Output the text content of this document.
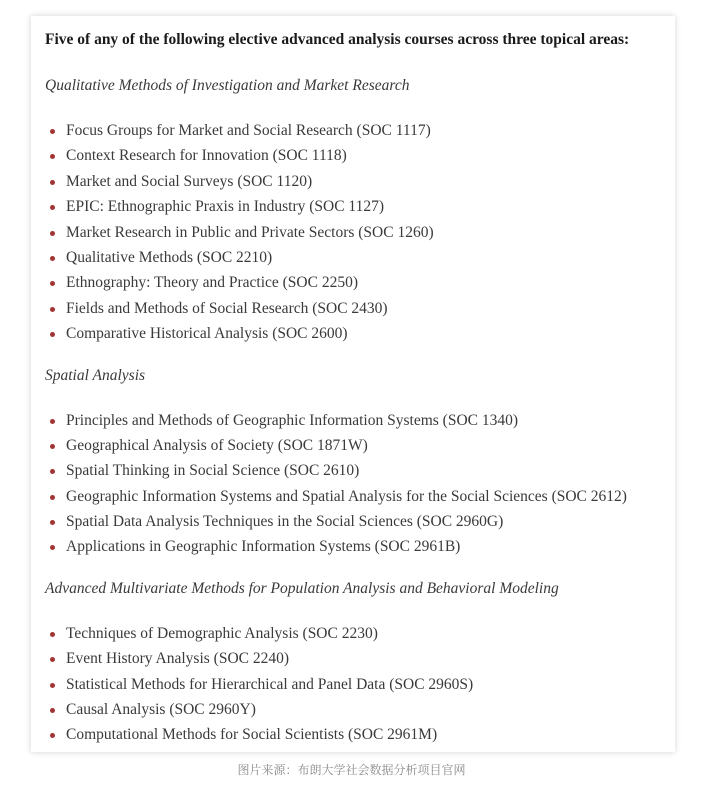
Five of any of the following elective advanced analysis courses across three topical areas:

Qualitative Methods of Investigation and Market Research

Focus Groups for Market and Social Research (SOC 1117)
Context Research for Innovation (SOC 1118)
Market and Social Surveys (SOC 1120)
EPIC: Ethnographic Praxis in Industry (SOC 1127)
Market Research in Public and Private Sectors (SOC 1260)
Qualitative Methods (SOC 2210)
Ethnography: Theory and Practice (SOC 2250)
Fields and Methods of Social Research (SOC 2430)
Comparative Historical Analysis (SOC 2600)

Spatial Analysis

Principles and Methods of Geographic Information Systems (SOC 1340)
Geographical Analysis of Society (SOC 1871W)
Spatial Thinking in Social Science (SOC 2610)
Geographic Information Systems and Spatial Analysis for the Social Sciences (SOC 2612)
Spatial Data Analysis Techniques in the Social Sciences (SOC 2960G)
Applications in Geographic Information Systems (SOC 2961B)

Advanced Multivariate Methods for Population Analysis and Behavioral Modeling

Techniques of Demographic Analysis (SOC 2230)
Event History Analysis (SOC 2240)
Statistical Methods for Hierarchical and Panel Data (SOC 2960S)
Causal Analysis (SOC 2960Y)
Computational Methods for Social Scientists (SOC 2961M)
图片来源：布朗大学社会数据分析项目官网
